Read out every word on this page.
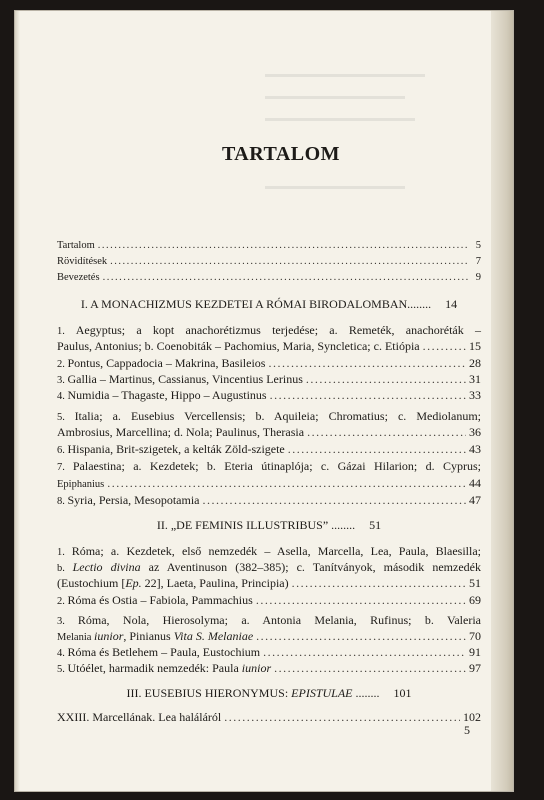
▬▬▬▬▬▬▬▬▬▬▬▬▬▬▬▬
▬▬▬▬▬▬▬▬▬▬▬▬▬▬
▬▬▬▬▬▬▬▬▬▬▬▬▬▬▬
▬▬▬▬▬▬▬▬▬▬▬▬▬▬
TARTALOM
Tartalom .....	5
Rövidítések .....	7
Bevezetés .....	9
I. A MONACHIZMUS KEZDETEI A RÓMAI BIRODALOMBAN........ 14
1. Aegyptus; a kopt anachorétizmus terjedése; a. Remeték, anachoréták –
Paulus, Antonius; b. Coenobiták – Pachomius, Maria, Syncletica; c. Etiópia .....	15
2. Pontus, Cappadocia – Makrina, Basileios .....	28
3. Gallia – Martinus, Cassianus, Vincentius Lerinus .....	31
4. Numidia – Thagaste, Hippo – Augustinus .....	33
5. Italia; a. Eusebius Vercellensis; b. Aquileia; Chromatius; c. Mediolanum;
Ambrosius, Marcellina; d. Nola; Paulinus, Therasia .....	36
6. Hispania, Brit-szigetek, a kelták Zöld-szigete .....	43
7. Palaestina; a. Kezdetek; b. Eteria útinaplója; c. Gázai Hilarion; d. Cyprus;
Epiphanius .....	44
8. Syria, Persia, Mesopotamia .....	47
II. „DE FEMINIS ILLUSTRIBUS” ........ 51
1. Róma; a. Kezdetek, első nemzedék – Asella, Marcella, Lea, Paula, Blaesilla;
b. Lectio divina az Aventinuson (382–385); c. Tanítványok, második nemzedék
(Eustochium [Ep. 22], Laeta, Paulina, Principia) .....	51
2. Róma és Ostia – Fabiola, Pammachius .....	69
3. Róma, Nola, Hierosolyma; a. Antonia Melania, Rufinus; b. Valeria
Melania iunior, Pinianus Vita S. Melaniae .....	70
4. Róma és Betlehem – Paula, Eustochium .....	91
5. Utóélet, harmadik nemzedék: Paula iunior .....	97
III. EUSEBIUS HIERONYMUS: EPISTULAE ........ 101
XXIII. Marcellának. Lea haláláról .....	102
5
